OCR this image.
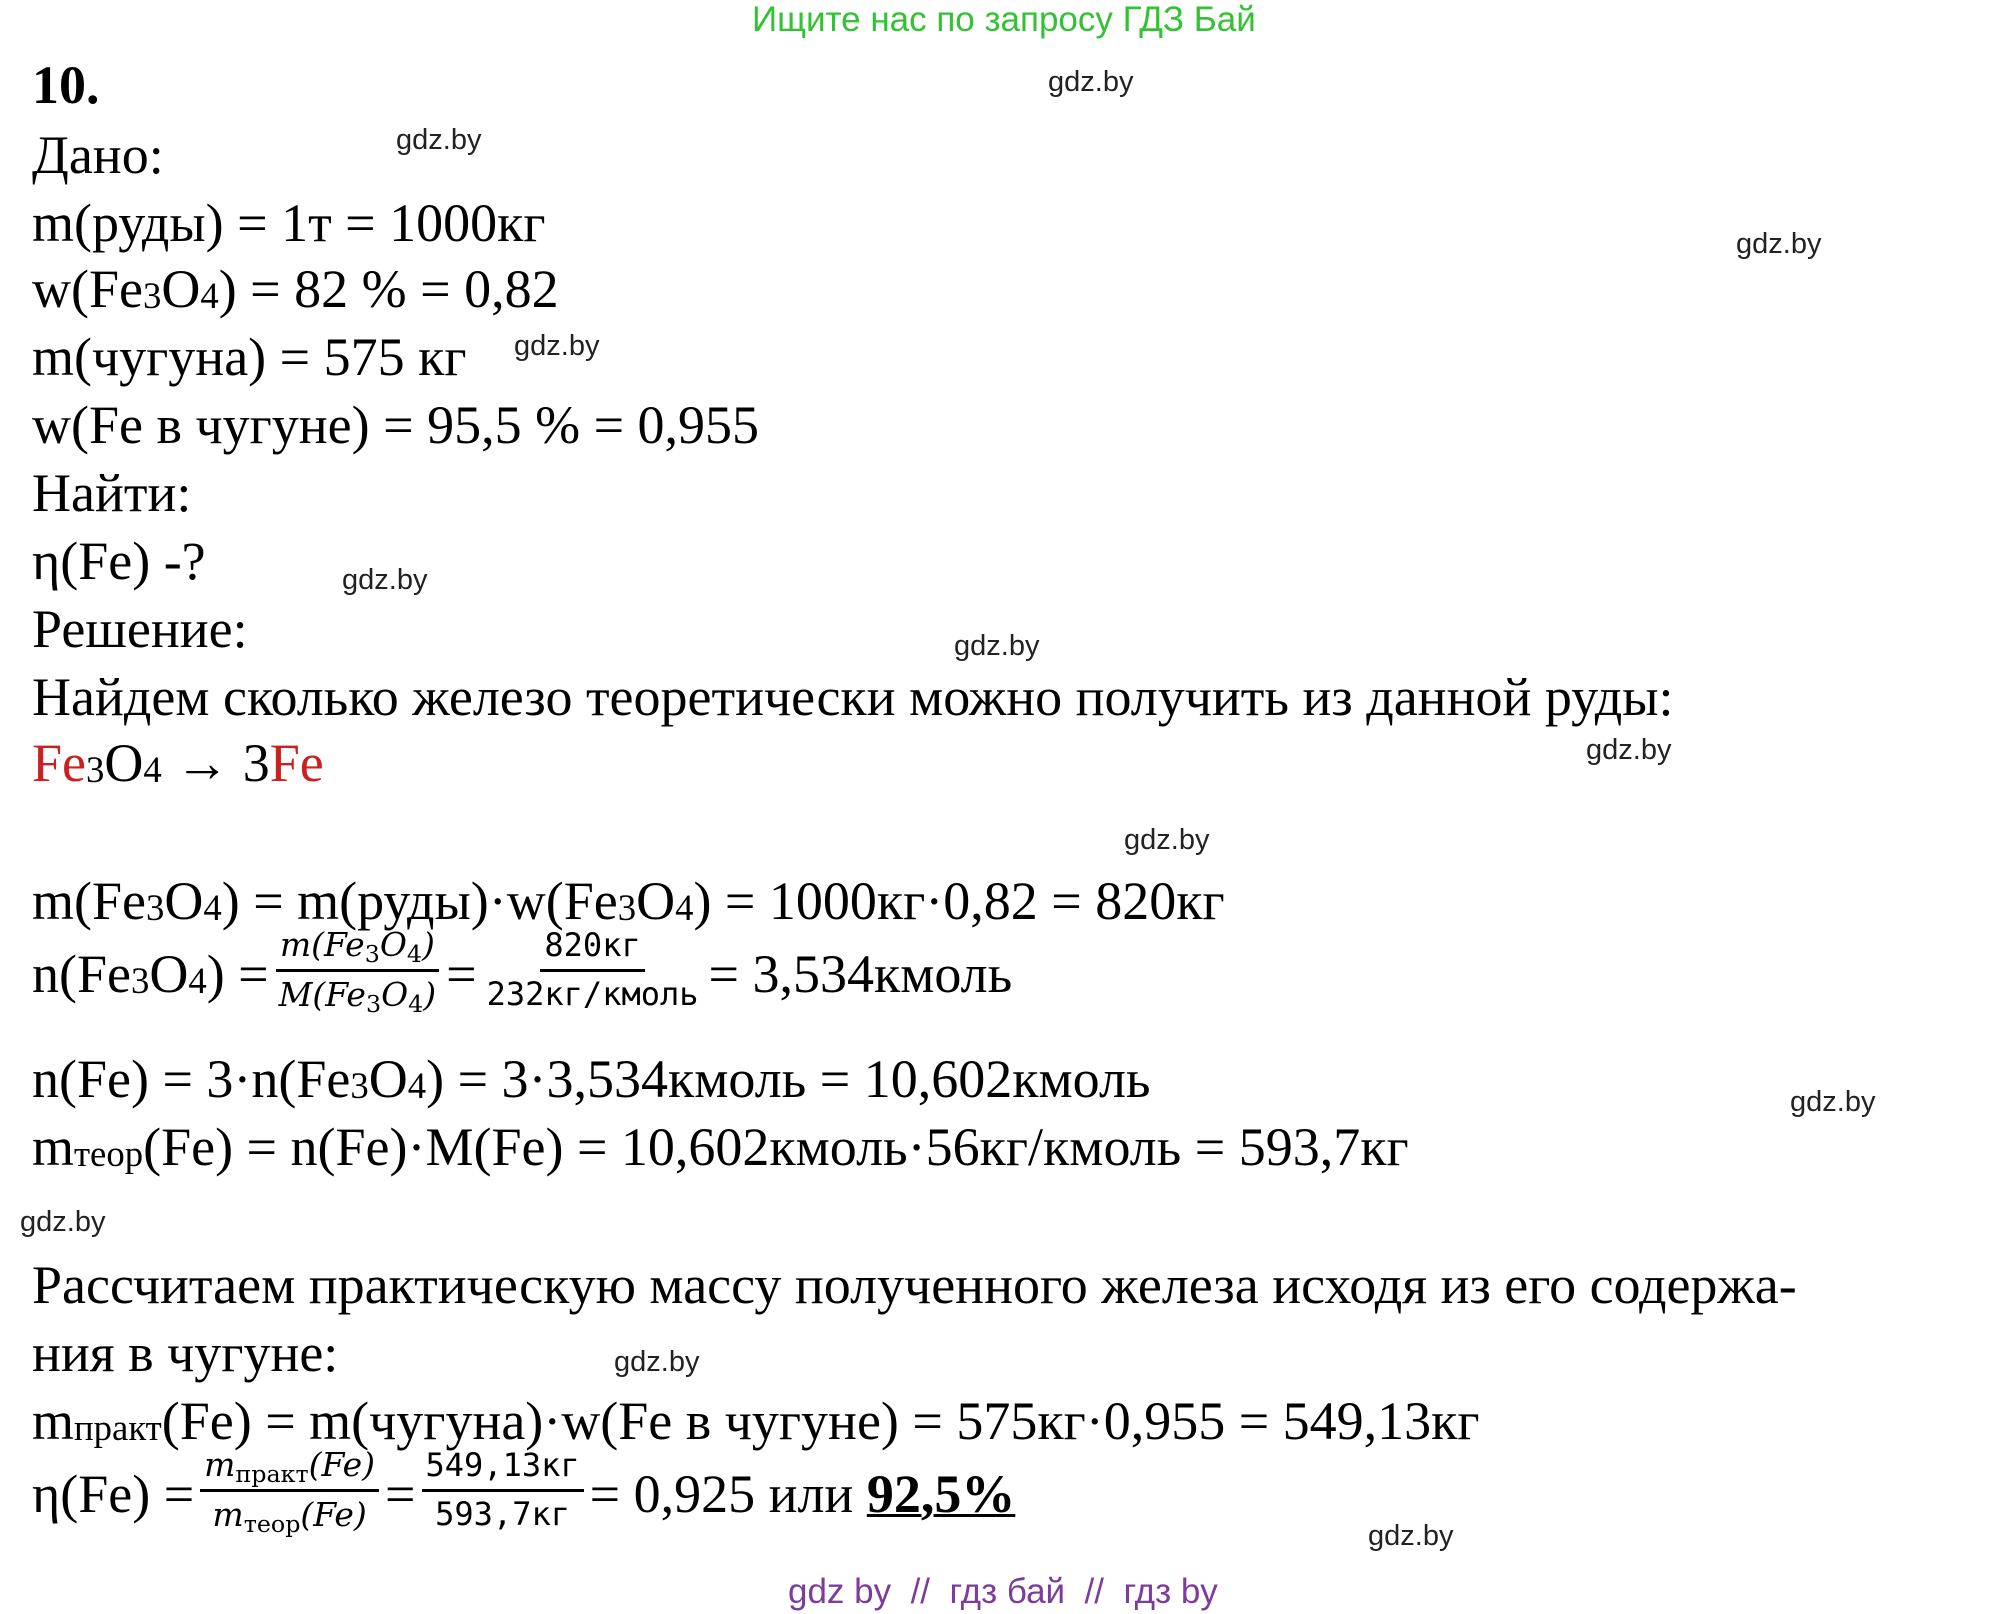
Ищите нас по запросу ГДЗ Бай
10.
Дано:
m(руды) = 1т = 1000кг
w(Fe3O4) = 82 % = 0,82
m(чугуна) = 575 кг
w(Fe в чугуне) = 95,5 % = 0,955
Найти:
η(Fe) -?
Решение:
Найдем сколько железо теоретически можно получить из данной руды:
Fe3O4 → 3Fe
m(Fe3O4) = m(руды)·w(Fe3O4) = 1000кг·0,82 = 820кг
$n(Fe3O4) = \frac{m(Fe3O4)}{M(Fe3O4)} = \frac{820кг}{\text{232кг/кмоль}}$ = 3,534кмоль
n(Fe) = 3·n(Fe3O4) = 3·3,534кмоль = 10,602кмоль
mтеор(Fe) = n(Fe)·M(Fe) = 10,602кмоль·56кг/кмоль = 593,7кг
Рассчитаем практическую массу полученного железа исходя из его содержа-
ния в чугуне:
mпракт(Fe) = m(чугуна)·w(Fe в чугуне) = 575кг·0,955 = 549,13кг
$\eta(Fe) = \frac{\text{mпракт(Fe)}}{\text{mтеор(Fe)}} = \frac{549,13кг}{593,7кг} = 0,925$ или 92,5%
gdz.by
gdz.by
gdz.by
gdz.by
gdz.by
gdz.by
gdz.by
gdz.by
gdz.by
gdz.by
gdz.by
gdz.by
gdz by  //  гдз бай  //  гдз by
